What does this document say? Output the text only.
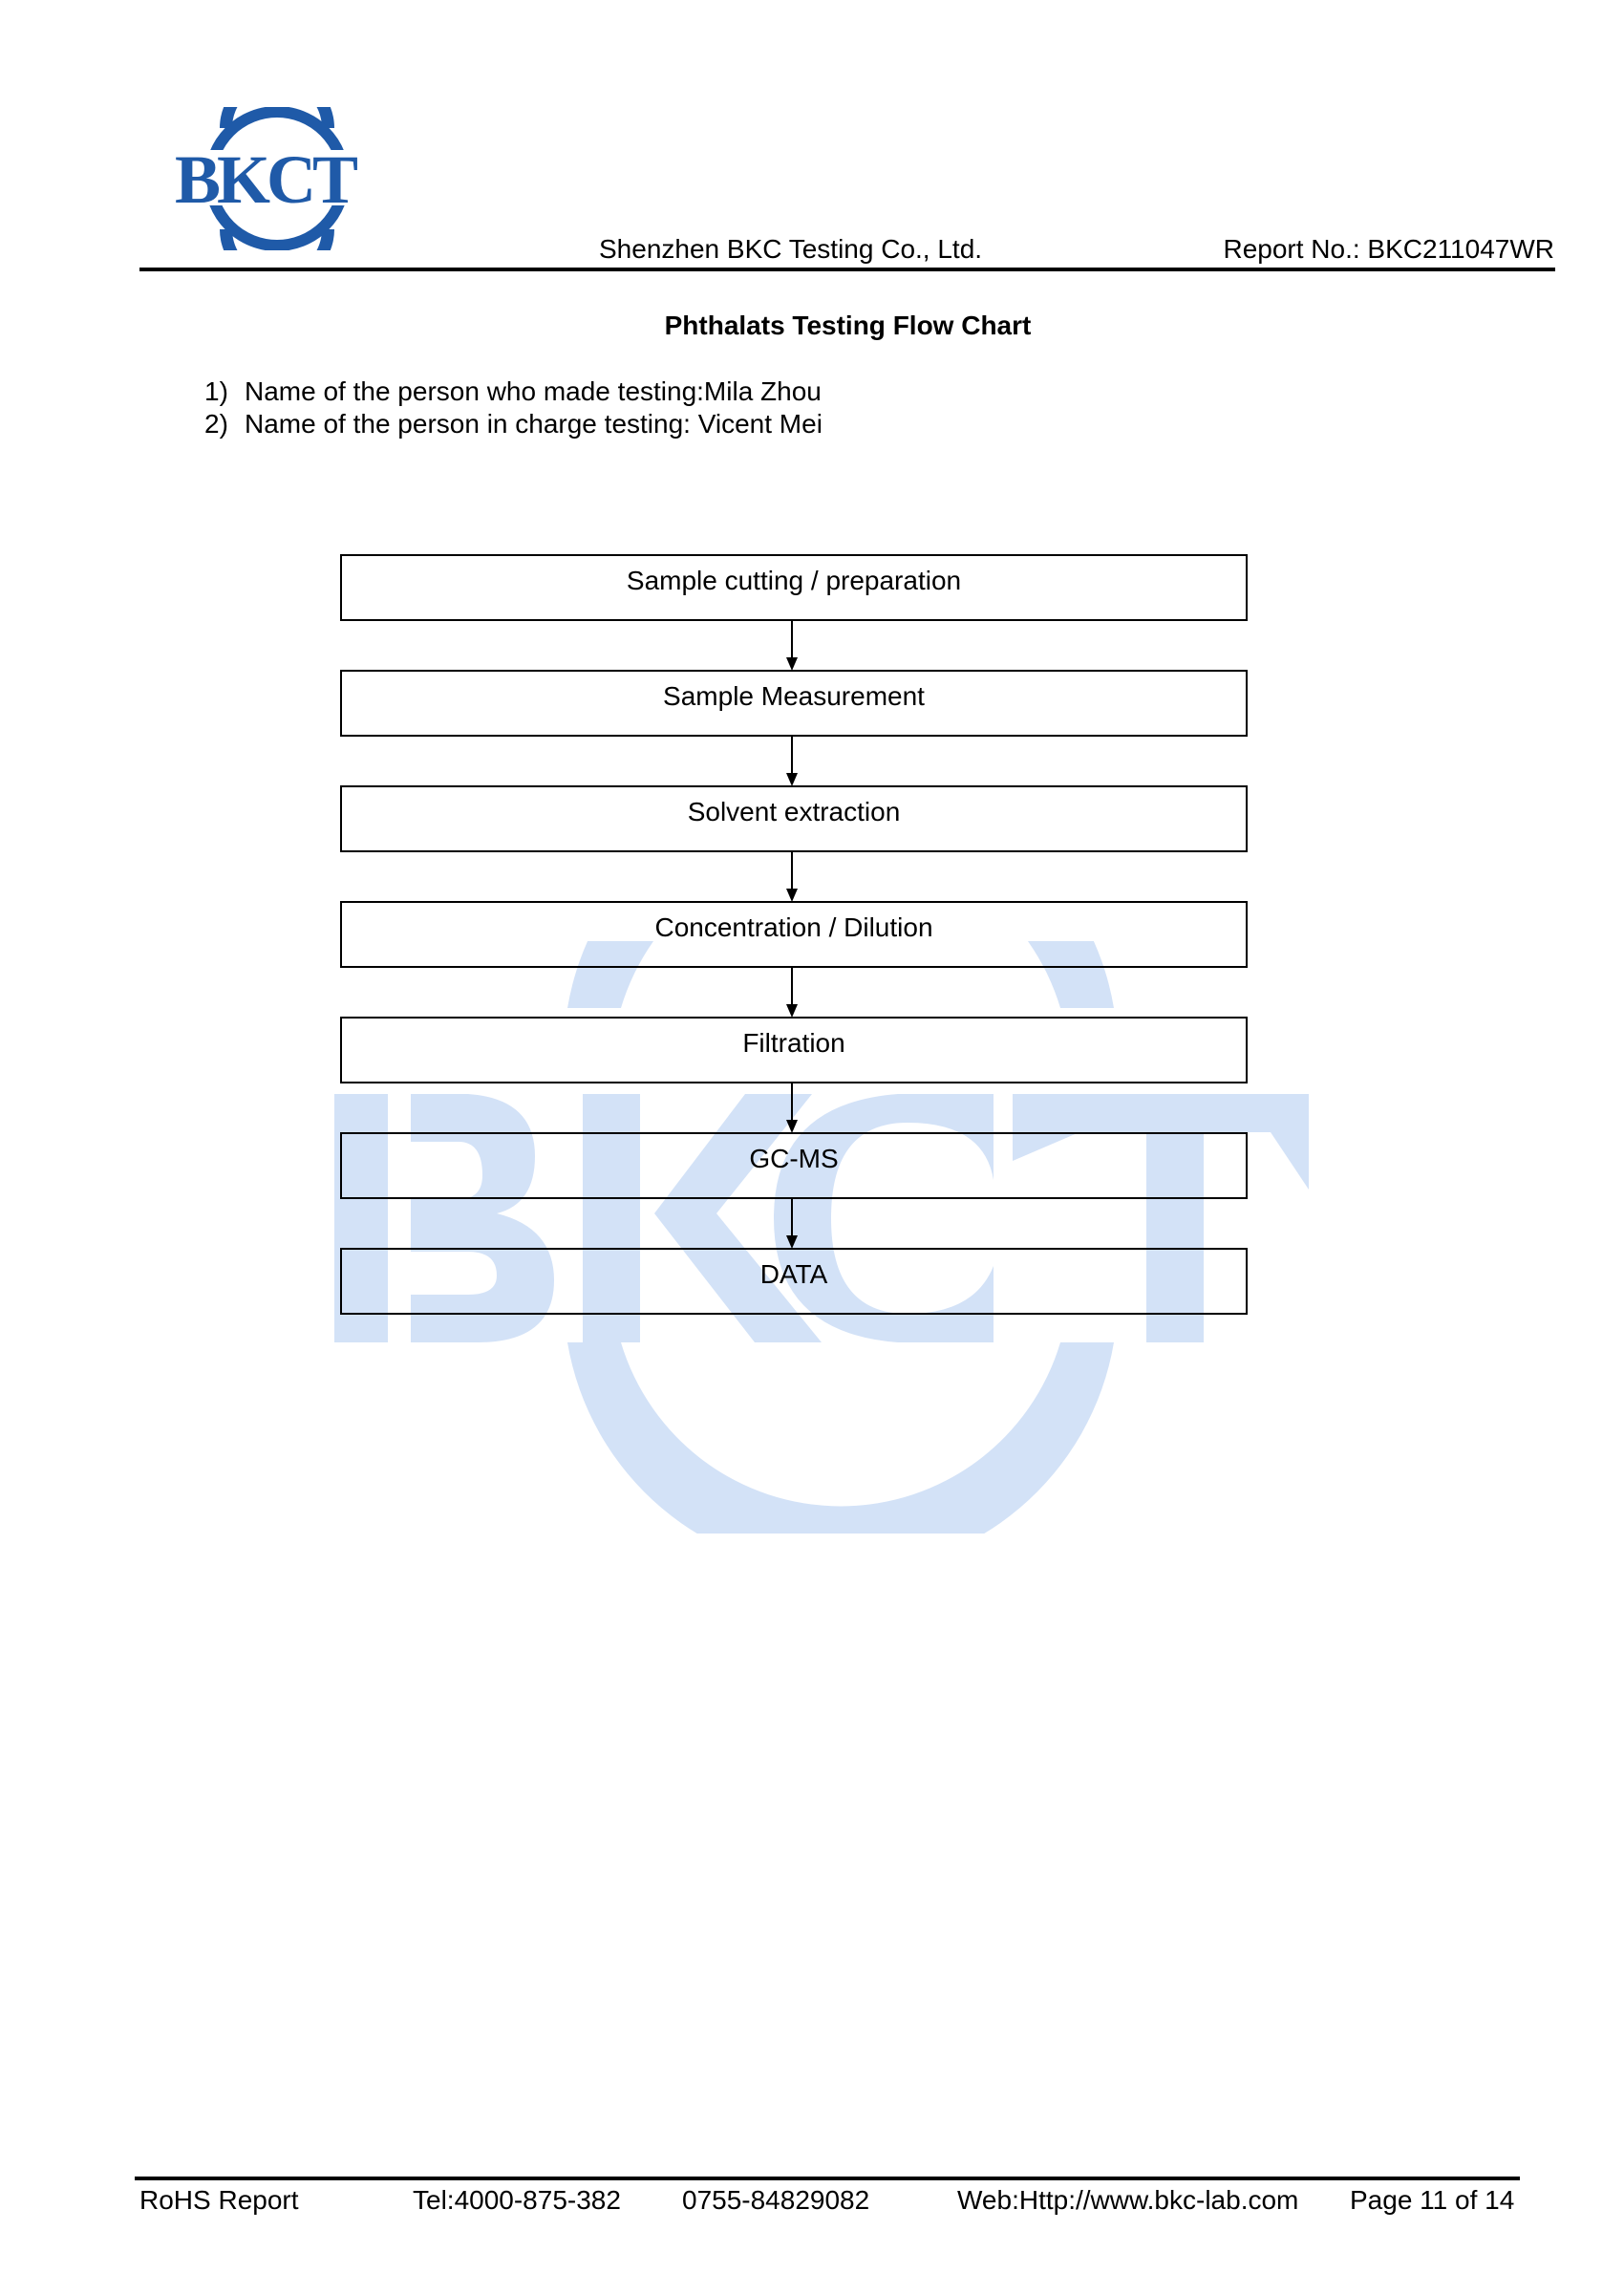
BKCT
Shenzhen BKC Testing Co., Ltd.	Report No.: BKC211047WR
Phthalats Testing Flow Chart
1) Name of the person who made testing:Mila Zhou
2) Name of the person in charge testing: Vicent Mei
Sample cutting / preparation
Sample Measurement
Solvent extraction
Concentration / Dilution
Filtration
GC-MS
DATA
RoHS Report	Tel:4000-875-382 0755-84829082	Web:Http://www.bkc-lab.com Page 11 of 14
